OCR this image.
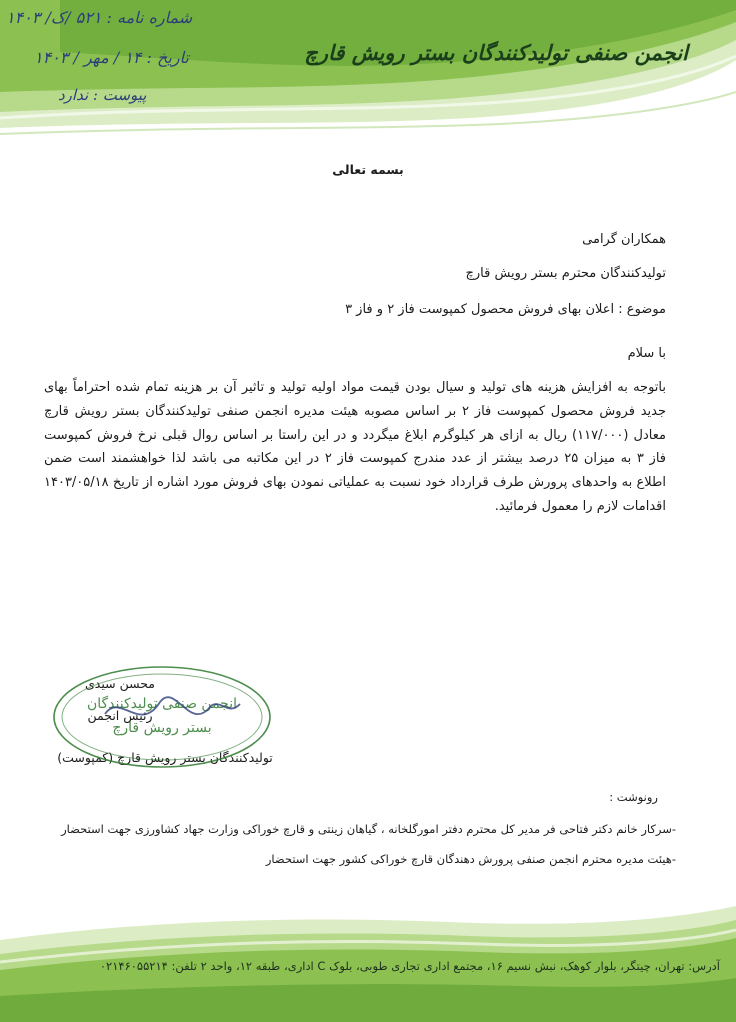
شماره نامه : ۵۲۱ /ک/ ۱۴۰۳
تاریخ : ۱۴ / مهر / ۱۴۰۳
پیوست : ندارد
انجمن صنفی تولیدکنندگان بستر رویش قارچ
بسمه تعالی
همکاران گرامی
تولیدکنندگان محترم بستر رویش قارچ
موضوع : اعلان بهای فروش محصول کمپوست فاز ۲ و فاز ۳
با سلام
باتوجه به افزایش هزینه های تولید و سیال بودن قیمت مواد اولیه تولید و تاثیر آن بر هزینه تمام شده احتراماً بهای جدید فروش محصول کمپوست فاز ۲ بر اساس مصوبه هیئت مدیره انجمن صنفی تولیدکنندگان بستر رویش قارچ معادل (۱۱۷/۰۰۰) ریال به ازای هر کیلوگرم ابلاغ میگردد و در این راستا بر اساس روال قبلی نرخ فروش کمپوست فاز ۳ به میزان ۲۵ درصد بیشتر از عدد مندرج کمپوست فاز ۲ در این مکاتبه می باشد لذا خواهشمند است ضمن اطلاع به واحدهای پرورش طرف قرارداد خود نسبت به عملیاتی نمودن بهای فروش مورد اشاره از تاریخ ۱۴۰۳/۰۵/۱۸ اقدامات لازم را معمول فرمائید.
محسن سیدی
رئیس انجمن
تولیدکنندگان بستر رویش قارچ (کمپوست)
انجمن صنفی تولیدکنندگان
بستر رویش قارچ
رونوشت :
-سرکار خانم دکتر فتاحی فر مدیر کل محترم دفتر امورگلخانه ، گیاهان زینتی و قارچ خوراکی وزارت جهاد کشاورزی جهت استحضار
-هیئت مدیره محترم انجمن صنفی پرورش دهندگان قارچ خوراکی کشور جهت استحضار
آدرس: تهران، چیتگر، بلوار کوهک، نبش نسیم ۱۶، مجتمع اداری تجاری طوبی، بلوک C اداری، طبقه ۱۲، واحد ۲ تلفن: ۰۲۱۴۶۰۵۵۲۱۴
